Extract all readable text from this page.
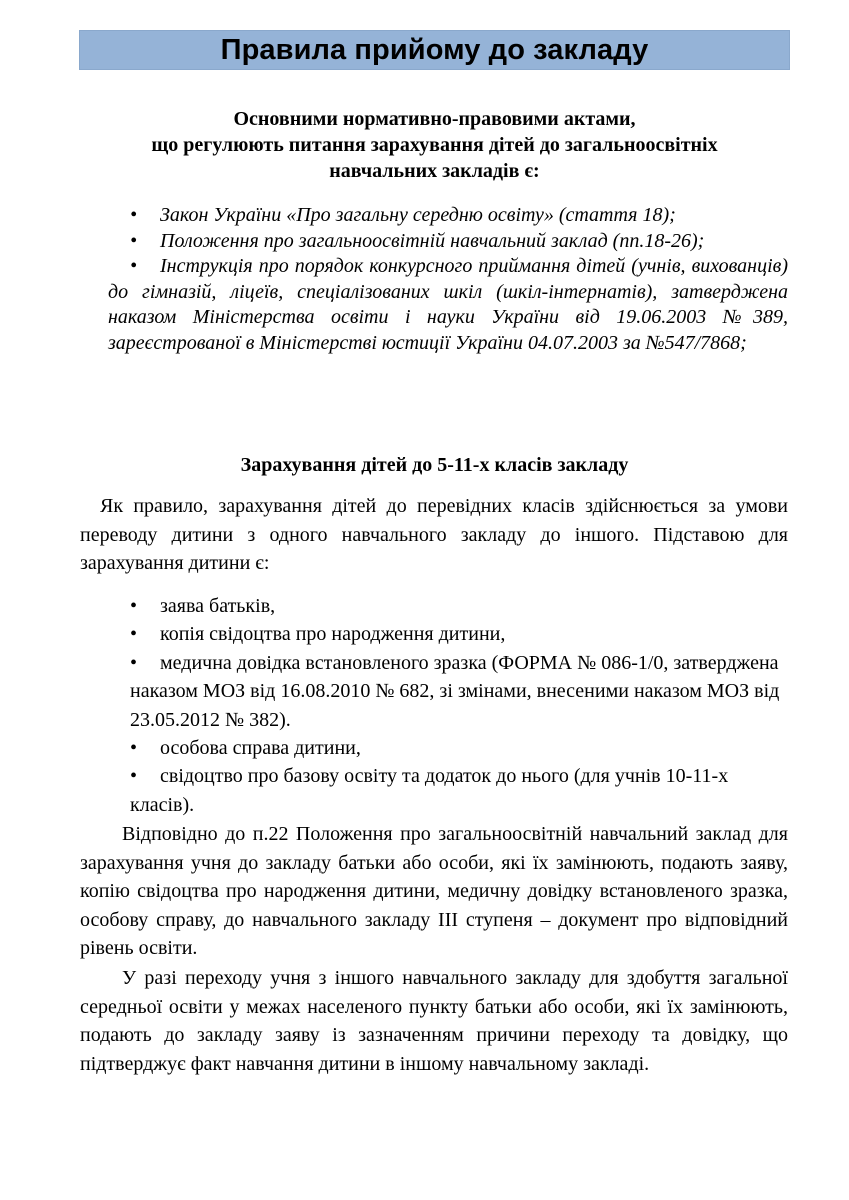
Правила прийому до закладу
Основними нормативно-правовими актами,
що регулюють питання зарахування дітей до загальноосвітніх
навчальних закладів є:
• Закон України «Про загальну середню освіту» (стаття 18);
• Положення про загальноосвітній навчальний заклад (пп.18-26);
• Інструкція про порядок конкурсного приймання дітей (учнів, вихованців) до гімназій, ліцеїв, спеціалізованих шкіл (шкіл-інтернатів), затверджена наказом Міністерства освіти і науки України від 19.06.2003 №389, зареєстрованої в Міністерстві юстиції України 04.07.2003 за №547/7868;
Зарахування дітей до 5-11-х класів закладу

Як правило, зарахування дітей до перевідних класів здійснюється за умови переводу дитини з одного навчального закладу до іншого. Підставою для зарахування дитини є:

• заява батьків,
• копія свідоцтва про народження дитини,
• медична довідка встановленого зразка (ФОРМА № 086-1/0, затверджена наказом МОЗ від 16.08.2010 № 682, зі змінами, внесеними наказом МОЗ від 23.05.2012 № 382).
• особова справа дитини,
• свідоцтво про базову освіту та додаток до нього (для учнів 10-11-х класів).

Відповідно до п.22 Положення про загальноосвітній навчальний заклад для зарахування учня до закладу батьки або особи, які їх замінюють, подають заяву, копію свідоцтва про народження дитини, медичну довідку встановленого зразка, особову справу, до навчального закладу ІІІ ступеня – документ про відповідний рівень освіти.

У разі переходу учня з іншого навчального закладу для здобуття загальної середньої освіти у межах населеного пункту батьки або особи, які їх замінюють, подають до закладу заяву із зазначенням причини переходу та довідку, що підтверджує факт навчання дитини в іншому навчальному закладі.
